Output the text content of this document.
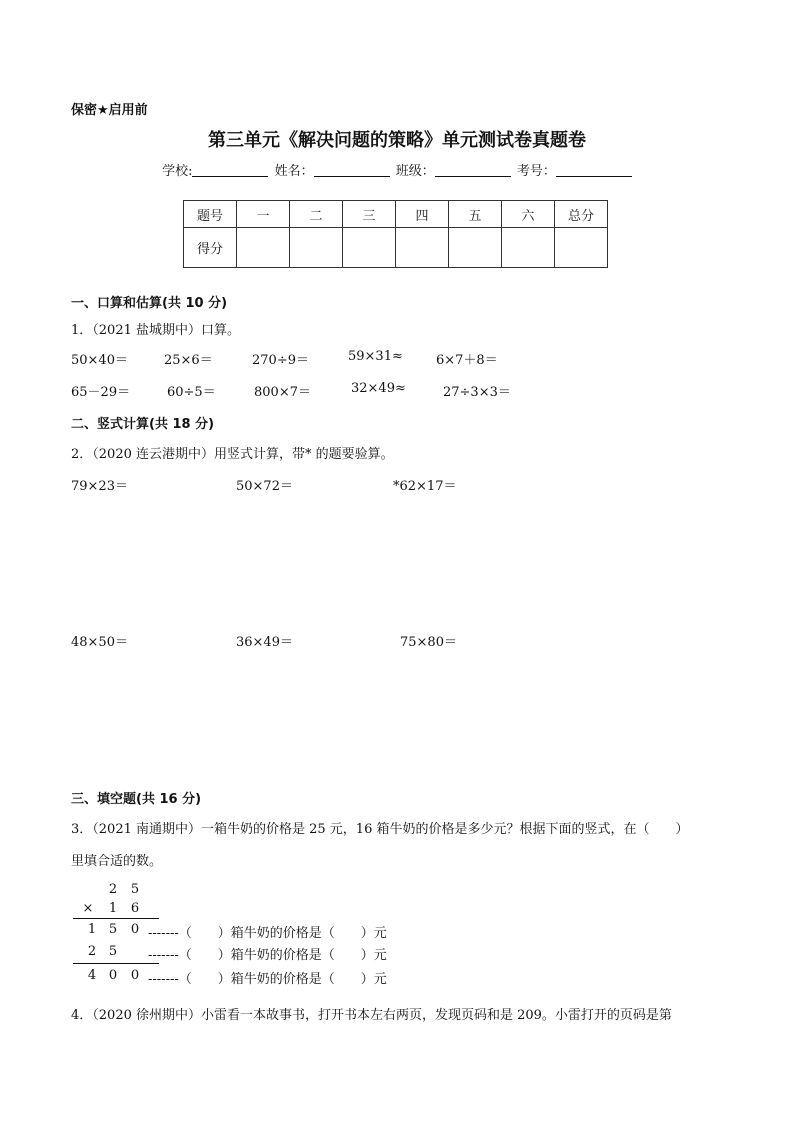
保密★启用前
第三单元《解决问题的策略》单元测试卷真题卷
学校:	姓名：	班级：	考号：
题号	一	二	三	四	五	六	总分
得分							
一、口算和估算(共 10 分)
1．（2021 盐城期中）口算。
50×40＝	25×6＝	270÷9＝	59×31≈	6×7＋8＝
65－29＝	60÷5＝	800×7＝	32×49≈	27÷3×3＝
二、竖式计算(共 18 分)
2．（2020 连云港期中）用竖式计算，带* 的题要验算。
79×23＝	50×72＝	*62×17＝
48×50＝	36×49＝	75×80＝
三、填空题(共 16 分)
3．（2021 南通期中）一箱牛奶的价格是 25 元，16 箱牛奶的价格是多少元？根据下面的竖式，在（　　）
里填合适的数。
2 5
× 1 6
1 5 0 -------（　　）箱牛奶的价格是（　　）元
2 5 -------（　　）箱牛奶的价格是（　　）元
4 0 0 -------（　　）箱牛奶的价格是（　　）元
4．（2020 徐州期中）小雷看一本故事书，打开书本左右两页，发现页码和是 209。小雷打开的页码是第
